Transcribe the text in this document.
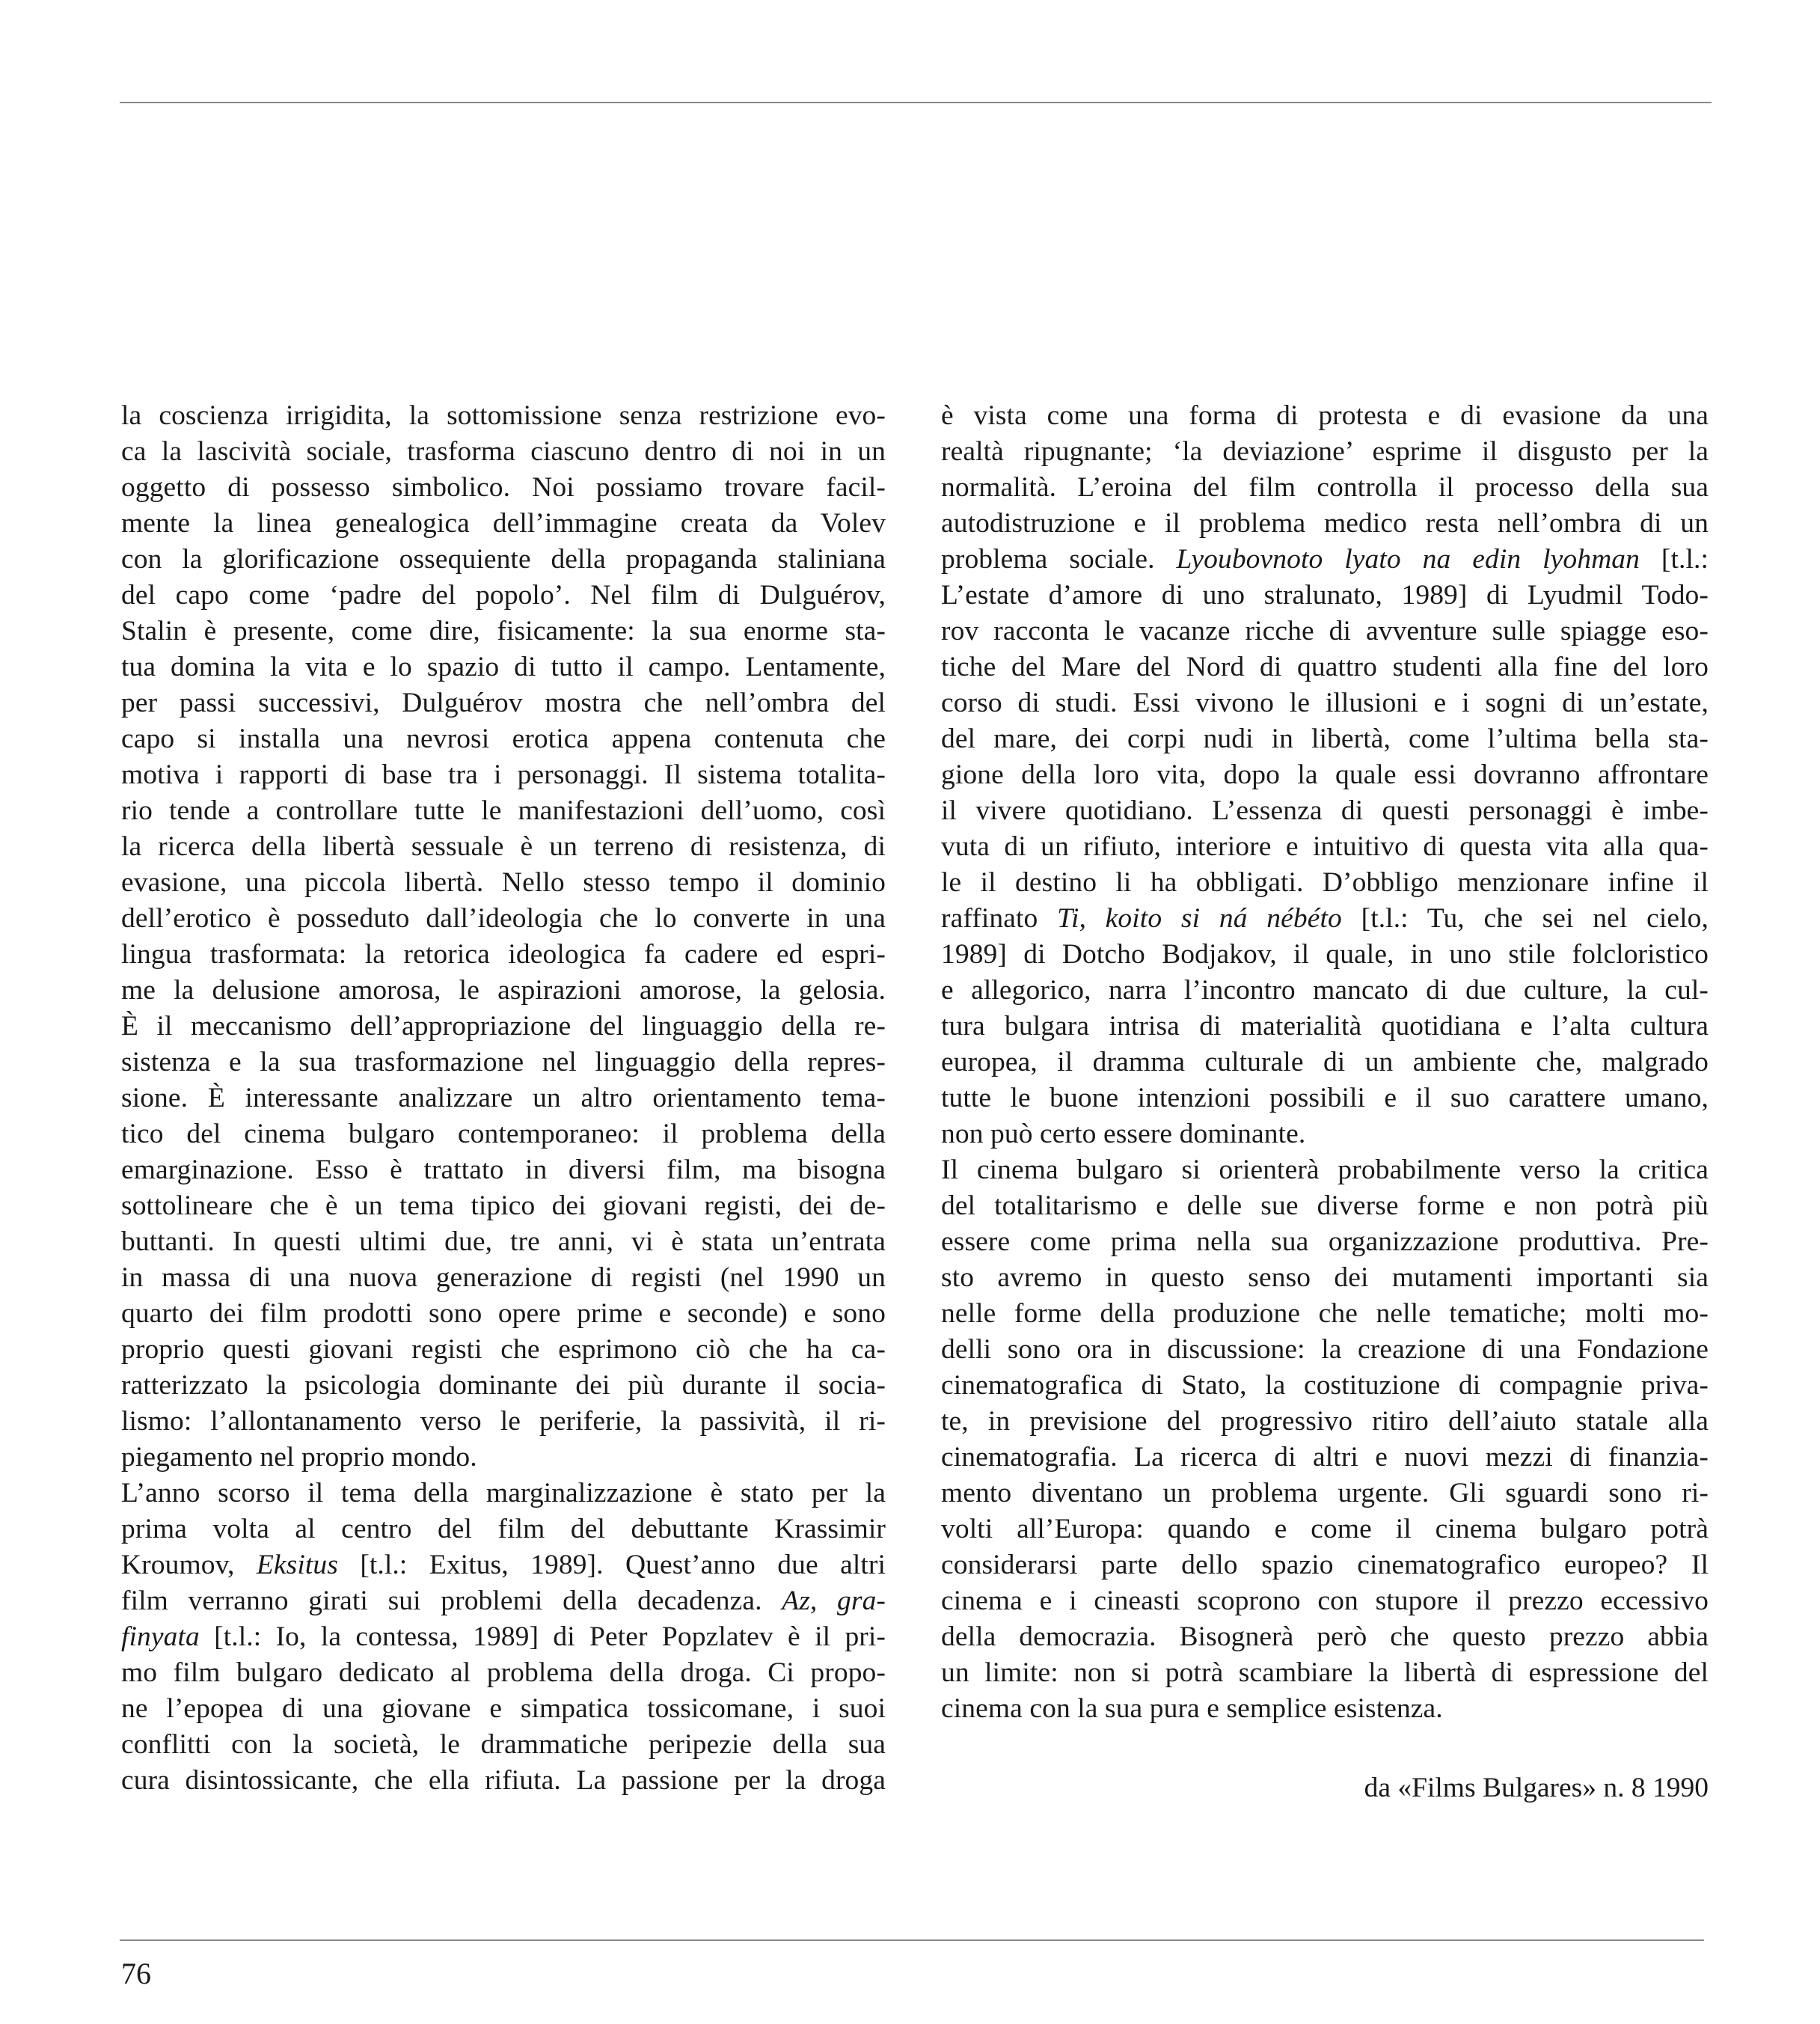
la coscienza irrigidita, la sottomissione senza restrizione evo-
ca la lascività sociale, trasforma ciascuno dentro di noi in un
oggetto di possesso simbolico. Noi possiamo trovare facil-
mente la linea genealogica dell’immagine creata da Volev
con la glorificazione ossequiente della propaganda staliniana
del capo come ‘padre del popolo’. Nel film di Dulguérov,
Stalin è presente, come dire, fisicamente: la sua enorme sta-
tua domina la vita e lo spazio di tutto il campo. Lentamente,
per passi successivi, Dulguérov mostra che nell’ombra del
capo si installa una nevrosi erotica appena contenuta che
motiva i rapporti di base tra i personaggi. Il sistema totalita-
rio tende a controllare tutte le manifestazioni dell’uomo, così
la ricerca della libertà sessuale è un terreno di resistenza, di
evasione, una piccola libertà. Nello stesso tempo il dominio
dell’erotico è posseduto dall’ideologia che lo converte in una
lingua trasformata: la retorica ideologica fa cadere ed espri-
me la delusione amorosa, le aspirazioni amorose, la gelosia.
È il meccanismo dell’appropriazione del linguaggio della re-
sistenza e la sua trasformazione nel linguaggio della repres-
sione. È interessante analizzare un altro orientamento tema-
tico del cinema bulgaro contemporaneo: il problema della
emarginazione. Esso è trattato in diversi film, ma bisogna
sottolineare che è un tema tipico dei giovani registi, dei de-
buttanti. In questi ultimi due, tre anni, vi è stata un’entrata
in massa di una nuova generazione di registi (nel 1990 un
quarto dei film prodotti sono opere prime e seconde) e sono
proprio questi giovani registi che esprimono ciò che ha ca-
ratterizzato la psicologia dominante dei più durante il socia-
lismo: l’allontanamento verso le periferie, la passività, il ri-
piegamento nel proprio mondo.
L’anno scorso il tema della marginalizzazione è stato per la
prima volta al centro del film del debuttante Krassimir
Kroumov, Eksitus [t.l.: Exitus, 1989]. Quest’anno due altri
film verranno girati sui problemi della decadenza. Az, gra-
finyata [t.l.: Io, la contessa, 1989] di Peter Popzlatev è il pri-
mo film bulgaro dedicato al problema della droga. Ci propo-
ne l’epopea di una giovane e simpatica tossicomane, i suoi
conflitti con la società, le drammatiche peripezie della sua
cura disintossicante, che ella rifiuta. La passione per la droga
è vista come una forma di protesta e di evasione da una
realtà ripugnante; ‘la deviazione’ esprime il disgusto per la
normalità. L’eroina del film controlla il processo della sua
autodistruzione e il problema medico resta nell’ombra di un
problema sociale. Lyoubovnoto lyato na edin lyohman [t.l.:
L’estate d’amore di uno stralunato, 1989] di Lyudmil Todo-
rov racconta le vacanze ricche di avventure sulle spiagge eso-
tiche del Mare del Nord di quattro studenti alla fine del loro
corso di studi. Essi vivono le illusioni e i sogni di un’estate,
del mare, dei corpi nudi in libertà, come l’ultima bella sta-
gione della loro vita, dopo la quale essi dovranno affrontare
il vivere quotidiano. L’essenza di questi personaggi è imbe-
vuta di un rifiuto, interiore e intuitivo di questa vita alla qua-
le il destino li ha obbligati. D’obbligo menzionare infine il
raffinato Ti, koito si ná nébéto [t.l.: Tu, che sei nel cielo,
1989] di Dotcho Bodjakov, il quale, in uno stile folcloristico
e allegorico, narra l’incontro mancato di due culture, la cul-
tura bulgara intrisa di materialità quotidiana e l’alta cultura
europea, il dramma culturale di un ambiente che, malgrado
tutte le buone intenzioni possibili e il suo carattere umano,
non può certo essere dominante.
Il cinema bulgaro si orienterà probabilmente verso la critica
del totalitarismo e delle sue diverse forme e non potrà più
essere come prima nella sua organizzazione produttiva. Pre-
sto avremo in questo senso dei mutamenti importanti sia
nelle forme della produzione che nelle tematiche; molti mo-
delli sono ora in discussione: la creazione di una Fondazione
cinematografica di Stato, la costituzione di compagnie priva-
te, in previsione del progressivo ritiro dell’aiuto statale alla
cinematografia. La ricerca di altri e nuovi mezzi di finanzia-
mento diventano un problema urgente. Gli sguardi sono ri-
volti all’Europa: quando e come il cinema bulgaro potrà
considerarsi parte dello spazio cinematografico europeo? Il
cinema e i cineasti scoprono con stupore il prezzo eccessivo
della democrazia. Bisognerà però che questo prezzo abbia
un limite: non si potrà scambiare la libertà di espressione del
cinema con la sua pura e semplice esistenza.
da «Films Bulgares» n. 8 1990
76
